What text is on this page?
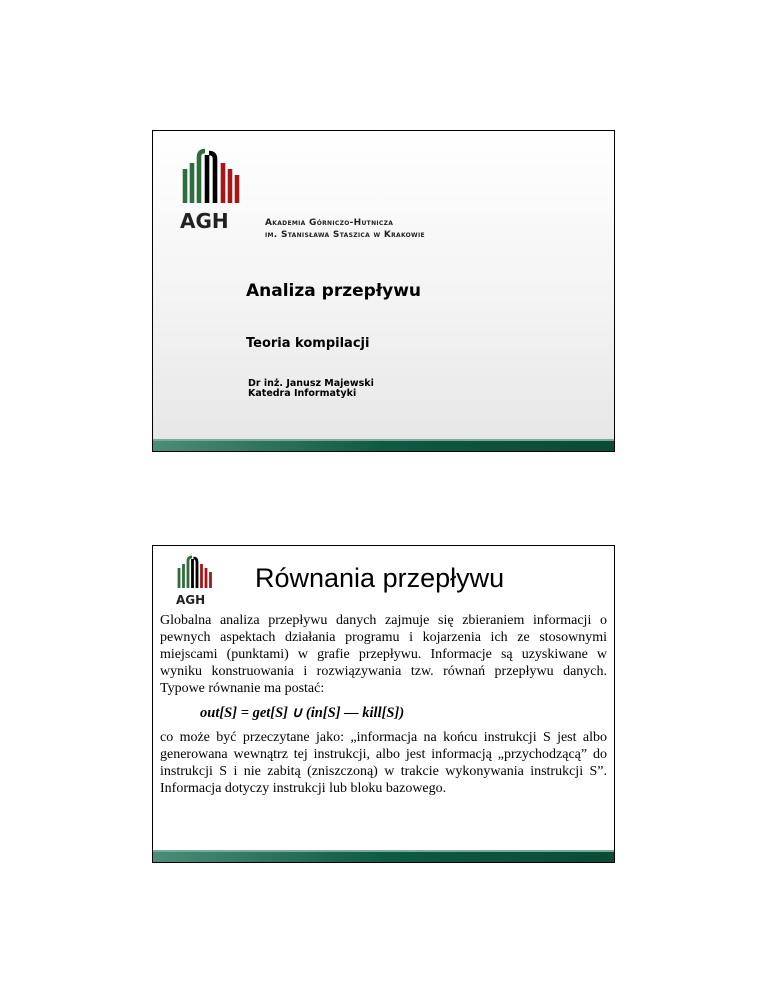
AGH	Akademia Górniczo-Hutnicza
im. Stanisława Staszica w Krakowie
Analiza przepływu
Teoria kompilacji
Dr inż. Janusz Majewski
Katedra Informatyki
AGH
Równania przepływu

Globalna analiza przepływu danych zajmuje się zbieraniem informacji o pewnych aspektach działania programu i kojarzenia ich ze stosownymi miejscami (punktami) w grafie przepływu. Informacje są uzyskiwane w wyniku konstruowania i rozwiązywania tzw. równań przepływu danych. Typowe równanie ma postać:

out[S] = get[S] ∪ (in[S] — kill[S])

co może być przeczytane jako: „informacja na końcu instrukcji S jest albo generowana wewnątrz tej instrukcji, albo jest informacją „przychodzącą” do instrukcji S i nie zabitą (zniszczoną) w trakcie wykonywania instrukcji S”. Informacja dotyczy instrukcji lub bloku bazowego.
